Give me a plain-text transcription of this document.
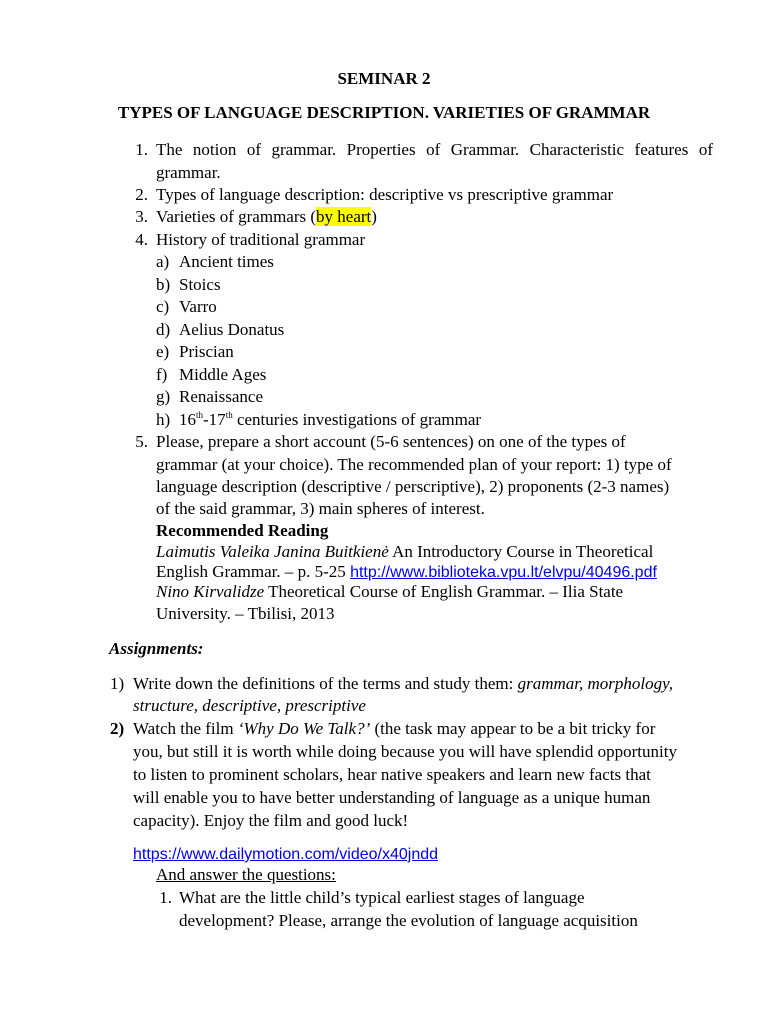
SEMINAR 2
TYPES OF LANGUAGE DESCRIPTION. VARIETIES OF GRAMMAR
1. The notion of grammar. Properties of Grammar. Characteristic features of grammar.
2. Types of language description: descriptive vs prescriptive grammar
3. Varieties of grammars (by heart)
4. History of traditional grammar
a) Ancient times
b) Stoics
c) Varro
d) Aelius Donatus
e) Priscian
f) Middle Ages
g) Renaissance
h) 16th-17th centuries investigations of grammar
5. Please, prepare a short account (5-6 sentences) on one of the types of
grammar (at your choice). The recommended plan of your report: 1) type of
language description (descriptive / perscriptive), 2) proponents (2-3 names)
of the said grammar, 3) main spheres of interest.
Recommended Reading
Laimutis Valeika Janina Buitkienė An Introductory Course in Theoretical
English Grammar. – p. 5-25 http://www.biblioteka.vpu.lt/elvpu/40496.pdf
Nino Kirvalidze Theoretical Course of English Grammar. – Ilia State
University. – Tbilisi, 2013
Assignments:
1) Write down the definitions of the terms and study them: grammar, morphology,
structure, descriptive, prescriptive
2) Watch the film ‘Why Do We Talk?’ (the task may appear to be a bit tricky for
you, but still it is worth while doing because you will have splendid opportunity
to listen to prominent scholars, hear native speakers and learn new facts that
will enable you to have better understanding of language as a unique human
capacity). Enjoy the film and good luck!
https://www.dailymotion.com/video/x40jndd
And answer the questions:
1. What are the little child’s typical earliest stages of language
development? Please, arrange the evolution of language acquisition
